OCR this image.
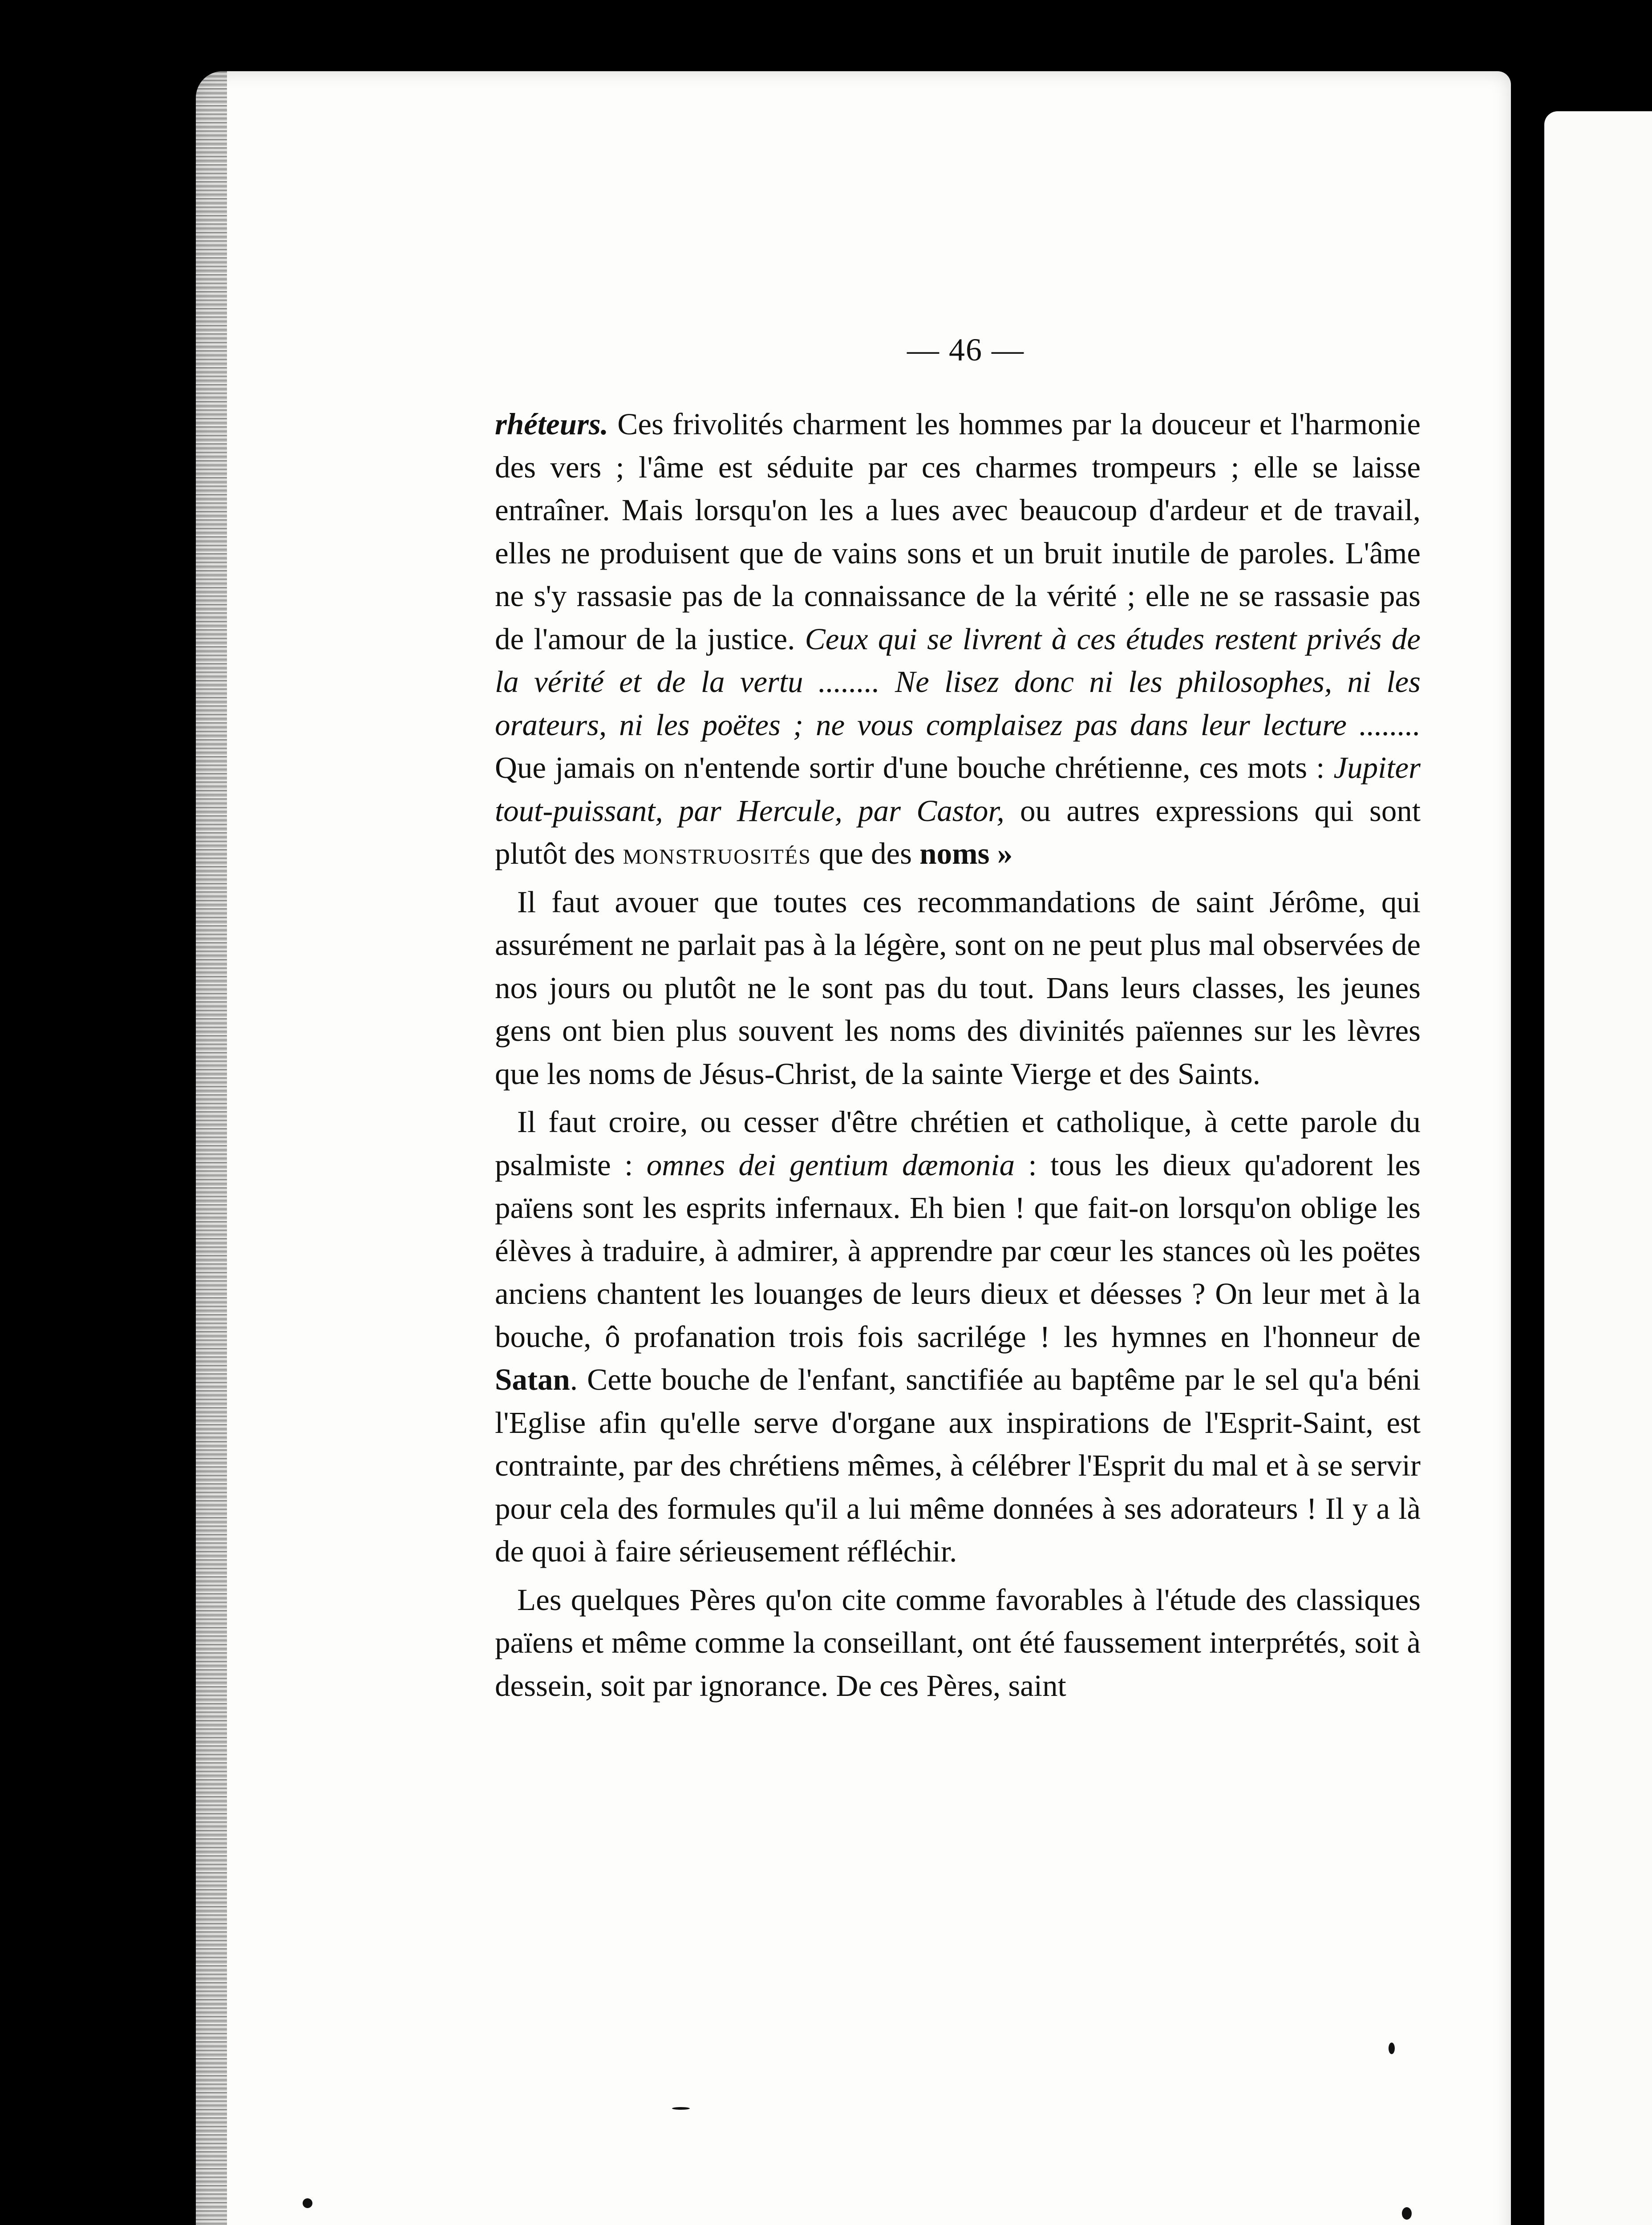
— 46 —

rhéteurs. Ces frivolités charment les hommes par la douceur et l'harmonie des vers ; l'âme est séduite par ces charmes trompeurs ; elle se laisse entraîner. Mais lorsqu'on les a lues avec beaucoup d'ardeur et de travail, elles ne produisent que de vains sons et un bruit inutile de paroles. L'âme ne s'y rassasie pas de la connaissance de la vérité ; elle ne se rassasie pas de l'amour de la justice. Ceux qui se livrent à ces études restent privés de la vérité et de la vertu ........ Ne lisez donc ni les philosophes, ni les orateurs, ni les poëtes ; ne vous complaisez pas dans leur lecture ........ Que jamais on n'entende sortir d'une bouche chrétienne, ces mots : Jupiter tout-puissant, par Hercule, par Castor, ou autres expressions qui sont plutôt des monstruosités que des noms »

Il faut avouer que toutes ces recommandations de saint Jérôme, qui assurément ne parlait pas à la légère, sont on ne peut plus mal observées de nos jours ou plutôt ne le sont pas du tout. Dans leurs classes, les jeunes gens ont bien plus souvent les noms des divinités païennes sur les lèvres que les noms de Jésus-Christ, de la sainte Vierge et des Saints.

Il faut croire, ou cesser d'être chrétien et catholique, à cette parole du psalmiste : omnes dei gentium dæmonia : tous les dieux qu'adorent les païens sont les esprits infernaux. Eh bien ! que fait-on lorsqu'on oblige les élèves à traduire, à admirer, à apprendre par cœur les stances où les poëtes anciens chantent les louanges de leurs dieux et déesses ? On leur met à la bouche, ô profanation trois fois sacrilége ! les hymnes en l'honneur de Satan. Cette bouche de l'enfant, sanctifiée au baptême par le sel qu'a béni l'Eglise afin qu'elle serve d'organe aux inspirations de l'Esprit-Saint, est contrainte, par des chrétiens mêmes, à célébrer l'Esprit du mal et à se servir pour cela des formules qu'il a lui même données à ses adorateurs ! Il y a là de quoi à faire sérieusement réfléchir.

Les quelques Pères qu'on cite comme favorables à l'étude des classiques païens et même comme la conseillant, ont été faussement interprétés, soit à dessein, soit par ignorance. De ces Pères, saint
